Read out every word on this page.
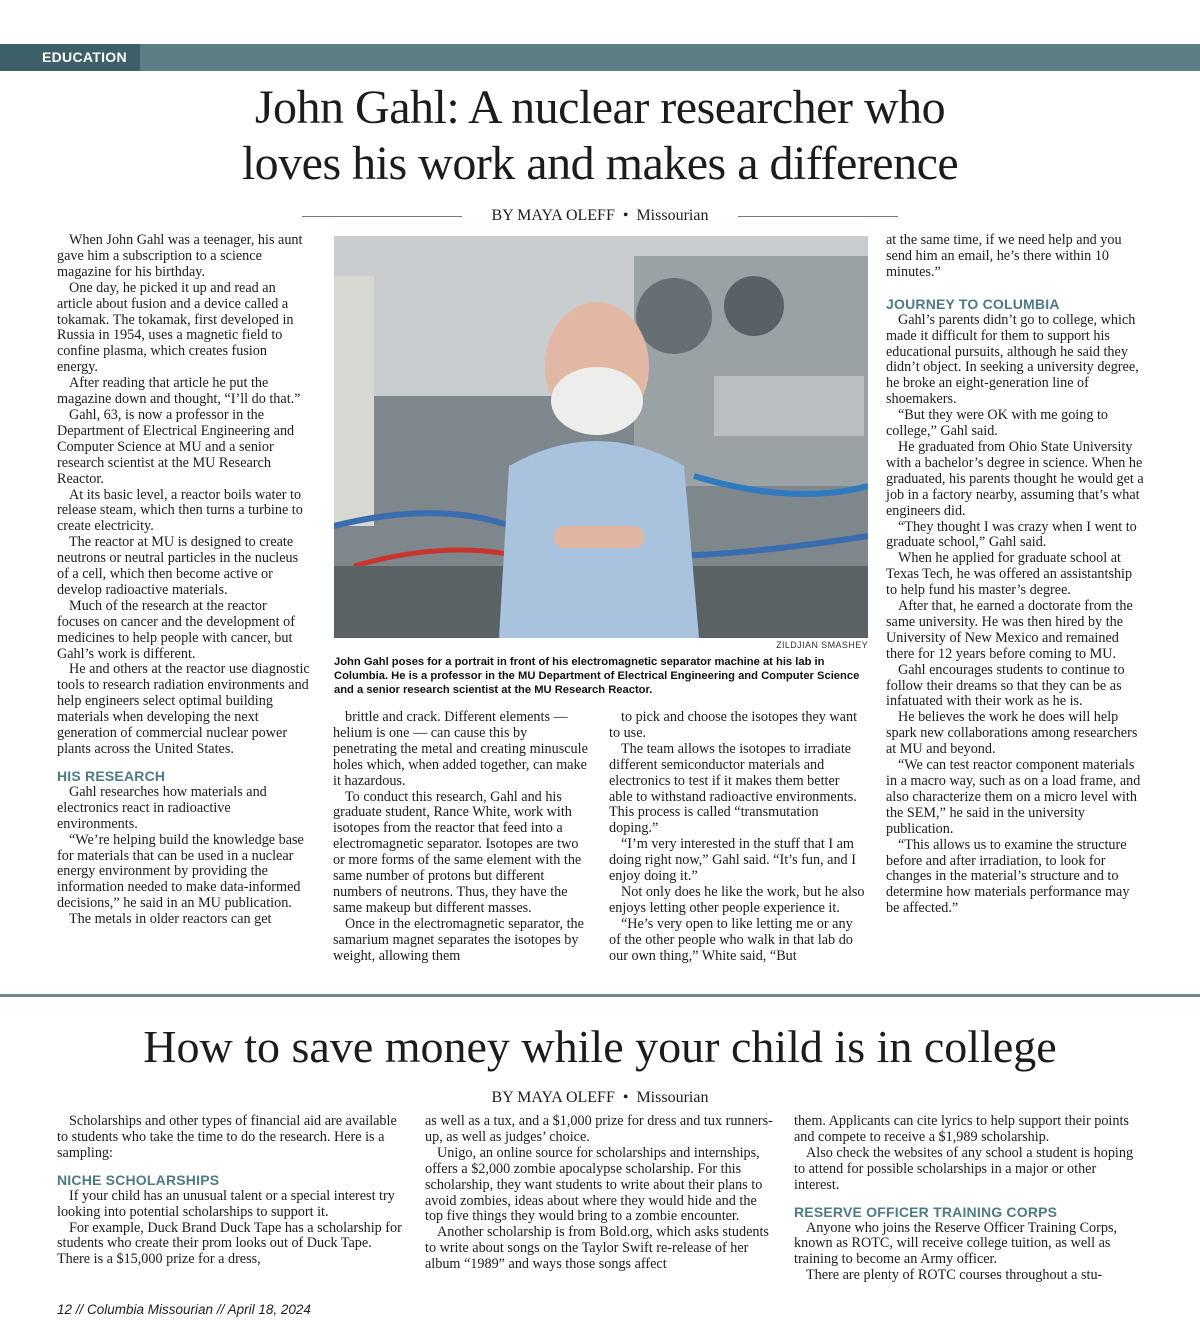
EDUCATION
John Gahl: A nuclear researcher who
loves his work and makes a difference
BY MAYA OLEFF • Missourian

When John Gahl was a teenager, his aunt gave him a subscription to a science magazine for his birthday.

One day, he picked it up and read an article about fusion and a device called a tokamak. The tokamak, first developed in Russia in 1954, uses a magnetic field to confine plasma, which creates fusion energy.

After reading that article he put the magazine down and thought, “I’ll do that.”

Gahl, 63, is now a professor in the Department of Electrical Engineering and Computer Science at MU and a senior research scientist at the MU Research Reactor.

At its basic level, a reactor boils water to release steam, which then turns a turbine to create electricity.

The reactor at MU is designed to create neutrons or neutral particles in the nucleus of a cell, which then become active or develop radioactive materials.

Much of the research at the reactor focuses on cancer and the development of medicines to help people with cancer, but Gahl’s work is different.

He and others at the reactor use diagnostic tools to research radiation environments and help engineers select optimal building materials when developing the next generation of commercial nuclear power plants across the United States.

HIS RESEARCH

Gahl researches how materials and electronics react in radioactive environments.

“We’re helping build the knowledge base for materials that can be used in a nuclear energy environment by providing the information needed to make data-informed decisions,” he said in an MU publication.

The metals in older reactors can get

ZILDJIAN SMASHEY
John Gahl poses for a portrait in front of his electromagnetic separator machine at his lab in Columbia. He is a professor in the MU Department of Electrical Engineering and Computer Science and a senior research scientist at the MU Research Reactor.

brittle and crack. Different elements — helium is one — can cause this by penetrating the metal and creating minuscule holes which, when added together, can make it hazardous.

To conduct this research, Gahl and his graduate student, Rance White, work with isotopes from the reactor that feed into a electromagnetic separator. Isotopes are two or more forms of the same element with the same number of protons but different numbers of neutrons. Thus, they have the same makeup but different masses.

Once in the electromagnetic separator, the samarium magnet separates the isotopes by weight, allowing them

to pick and choose the isotopes they want to use.

The team allows the isotopes to irradiate different semiconductor materials and electronics to test if it makes them better able to withstand radioactive environments. This process is called “transmutation doping.”

“I’m very interested in the stuff that I am doing right now,” Gahl said. “It’s fun, and I enjoy doing it.”

Not only does he like the work, but he also enjoys letting other people experience it.

“He’s very open to like letting me or any of the other people who walk in that lab do our own thing,” White said, “But

at the same time, if we need help and you send him an email, he’s there within 10 minutes.”

JOURNEY TO COLUMBIA

Gahl’s parents didn’t go to college, which made it difficult for them to support his educational pursuits, although he said they didn’t object. In seeking a university degree, he broke an eight-generation line of shoemakers.

“But they were OK with me going to college,” Gahl said.

He graduated from Ohio State University with a bachelor’s degree in science. When he graduated, his parents thought he would get a job in a factory nearby, assuming that’s what engineers did.

“They thought I was crazy when I went to graduate school,” Gahl said.

When he applied for graduate school at Texas Tech, he was offered an assistantship to help fund his master’s degree.

After that, he earned a doctorate from the same university. He was then hired by the University of New Mexico and remained there for 12 years before coming to MU.

Gahl encourages students to continue to follow their dreams so that they can be as infatuated with their work as he is.

He believes the work he does will help spark new collaborations among researchers at MU and beyond.

“We can test reactor component materials in a macro way, such as on a load frame, and also characterize them on a micro level with the SEM,” he said in the university publication.

“This allows us to examine the structure before and after irradiation, to look for changes in the material’s structure and to determine how materials performance may be affected.”

How to save money while your child is in college
BY MAYA OLEFF • Missourian

Scholarships and other types of financial aid are available to students who take the time to do the research. Here is a sampling:

NICHE SCHOLARSHIPS

If your child has an unusual talent or a special interest try looking into potential scholarships to support it.

For example, Duck Brand Duck Tape has a scholarship for students who create their prom looks out of Duck Tape. There is a $15,000 prize for a dress,

as well as a tux, and a $1,000 prize for dress and tux runners-up, as well as judges’ choice.

Unigo, an online source for scholarships and internships, offers a $2,000 zombie apocalypse scholarship. For this scholarship, they want students to write about their plans to avoid zombies, ideas about where they would hide and the top five things they would bring to a zombie encounter.

Another scholarship is from Bold.org, which asks students to write about songs on the Taylor Swift re-release of her album “1989” and ways those songs affect

them. Applicants can cite lyrics to help support their points and compete to receive a $1,989 scholarship.

Also check the websites of any school a student is hoping to attend for possible scholarships in a major or other interest.

RESERVE OFFICER TRAINING CORPS

Anyone who joins the Reserve Officer Training Corps, known as ROTC, will receive college tuition, as well as training to become an Army officer.

There are plenty of ROTC courses throughout a stu-

12 // Columbia Missourian // April 18, 2024
